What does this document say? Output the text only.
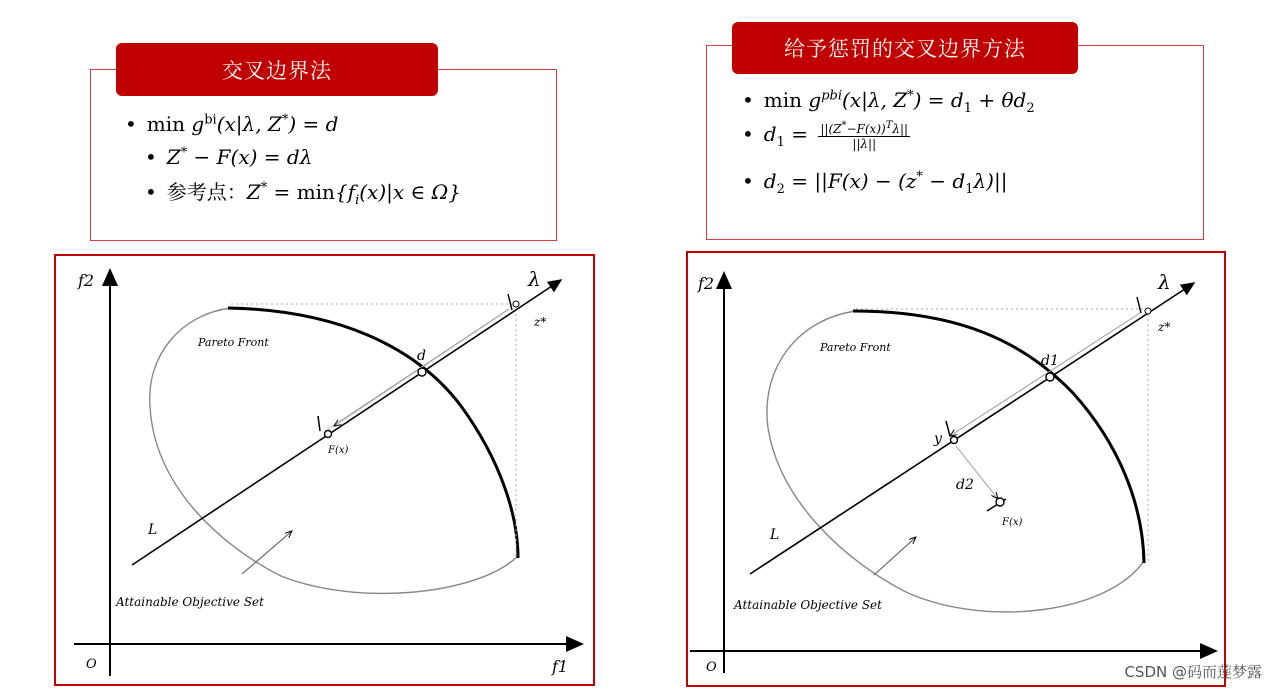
交叉边界法
• $\min g^{bi}(x|\lambda$, Z*) = d
• Z* − F(x) = dλ
• 参考点：$Z^* = \min\{f_i(x)|x$ ∈ Ω}
给予惩罚的交叉边界方法
• $\min g^{pbi}(x|\lambda$, $Z^*) = d_1 + \theta d_2$
• $d_1 = \frac{||(Z^*-F(x))^T\lambda||}{||\lambda||}$
• $d_2 = ||F(x) - (z^* - d_1\lambda)||$
f2
f1
O
λ
z*
Pareto Front
d
F(x)
L
Attainable Objective Set
f2
O
λ
z*
Pareto Front
d1
y
d2
F(x)
L
Attainable Objective Set
CSDN @码而莲梦露
